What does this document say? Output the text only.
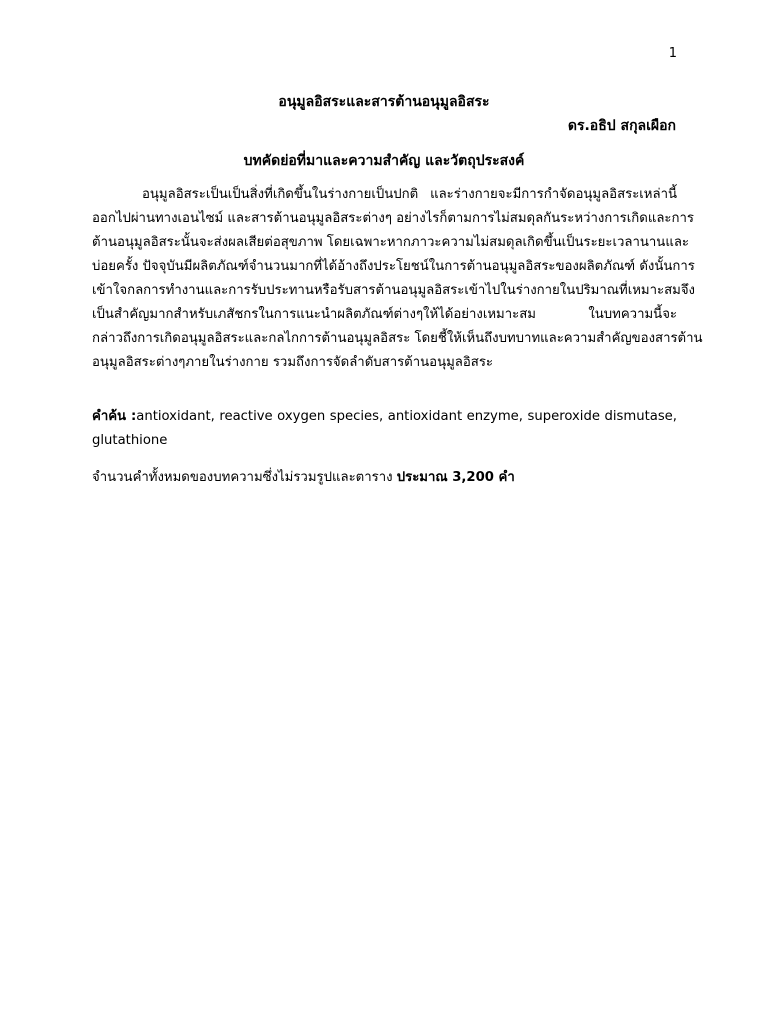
1
อนุมูลอิสระและสารต้านอนุมูลอิสระ
ดร.อธิป สกุลเผือก
บทคัดย่อที่มาและความสำคัญ และวัตถุประสงค์
อนุมูลอิสระเป็นเป็นสิ่งที่เกิดขึ้นในร่างกายเป็นปกติ และร่างกายจะมีการกำจัดอนุมูลอิสระเหล่านี้
ออกไปผ่านทางเอนไซม์ และสารต้านอนุมูลอิสระต่างๆ อย่างไรก็ตามการไม่สมดุลกันระหว่างการเกิดและการ
ต้านอนุมูลอิสระนั้นจะส่งผลเสียต่อสุขภาพ โดยเฉพาะหากภาวะความไม่สมดุลเกิดขึ้นเป็นระยะเวลานานและ
บ่อยครั้ง ปัจจุบันมีผลิตภัณฑ์จำนวนมากที่ได้อ้างถึงประโยชน์ในการต้านอนุมูลอิสระของผลิตภัณฑ์ ดังนั้นการ
เข้าใจกลการทำงานและการรับประทานหรือรับสารต้านอนุมูลอิสระเข้าไปในร่างกายในปริมาณที่เหมาะสมจึง
เป็นสำคัญมากสำหรับเภสัชกรในการแนะนำผลิตภัณฑ์ต่างๆให้ได้อย่างเหมาะสม ในบทความนี้จะ
กล่าวถึงการเกิดอนุมูลอิสระและกลไกการต้านอนุมูลอิสระ โดยชี้ให้เห็นถึงบทบาทและความสำคัญของสารต้าน
อนุมูลอิสระต่างๆภายในร่างกาย รวมถึงการจัดลำดับสารต้านอนุมูลอิสระ
คำค้น :antioxidant, reactive oxygen species, antioxidant enzyme, superoxide dismutase,
glutathione
จำนวนคำทั้งหมดของบทความซึ่งไม่รวมรูปและตาราง ประมาณ 3,200 คำ
